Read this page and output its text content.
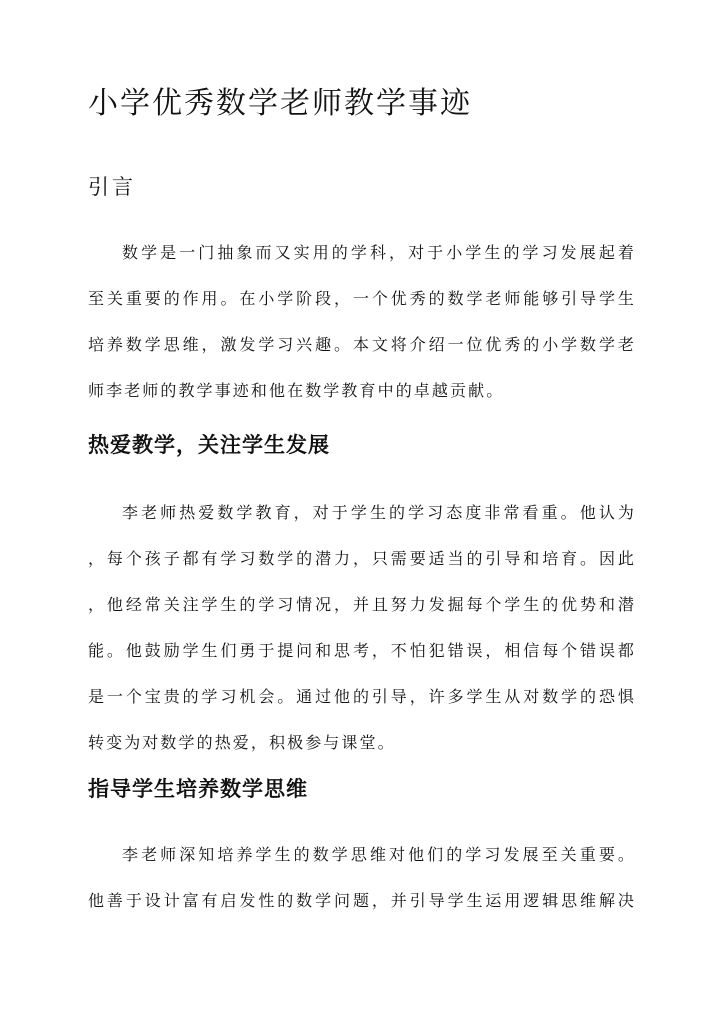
小学优秀数学老师教学事迹
引言
数学是一门抽象而又实用的学科，对于小学生的学习发展起着
至关重要的作用。在小学阶段，一个优秀的数学老师能够引导学生
培养数学思维，激发学习兴趣。本文将介绍一位优秀的小学数学老
师李老师的教学事迹和他在数学教育中的卓越贡献。
热爱教学，关注学生发展
李老师热爱数学教育，对于学生的学习态度非常看重。他认为
，每个孩子都有学习数学的潜力，只需要适当的引导和培育。因此
，他经常关注学生的学习情况，并且努力发掘每个学生的优势和潜
能。他鼓励学生们勇于提问和思考，不怕犯错误，相信每个错误都
是一个宝贵的学习机会。通过他的引导，许多学生从对数学的恐惧
转变为对数学的热爱，积极参与课堂。
指导学生培养数学思维
李老师深知培养学生的数学思维对他们的学习发展至关重要。
他善于设计富有启发性的数学问题，并引导学生运用逻辑思维解决
